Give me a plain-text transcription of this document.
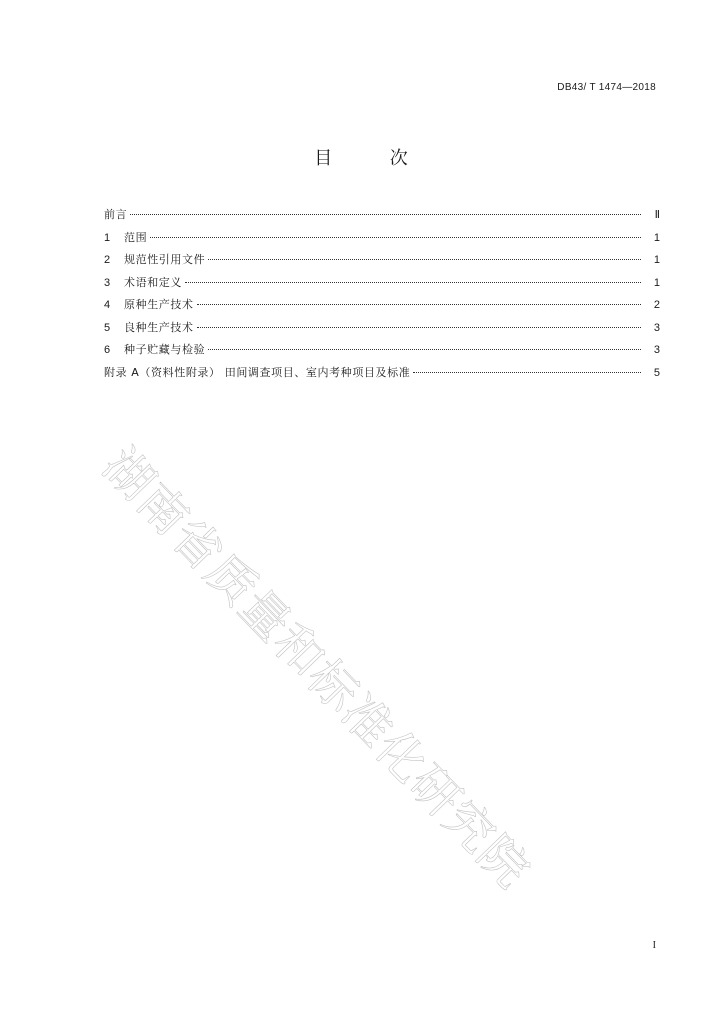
DB43/ T 1474—2018
目	次
前言	Ⅱ
1	范围	1
2	规范性引用文件	1
3	术语和定义	1
4	原种生产技术	2
5	良种生产技术	3
6	种子贮藏与检验	3
附录 A（资料性附录） 田间调查项目、室内考种项目及标准	5
湖南省质量和标准化研究院
I
